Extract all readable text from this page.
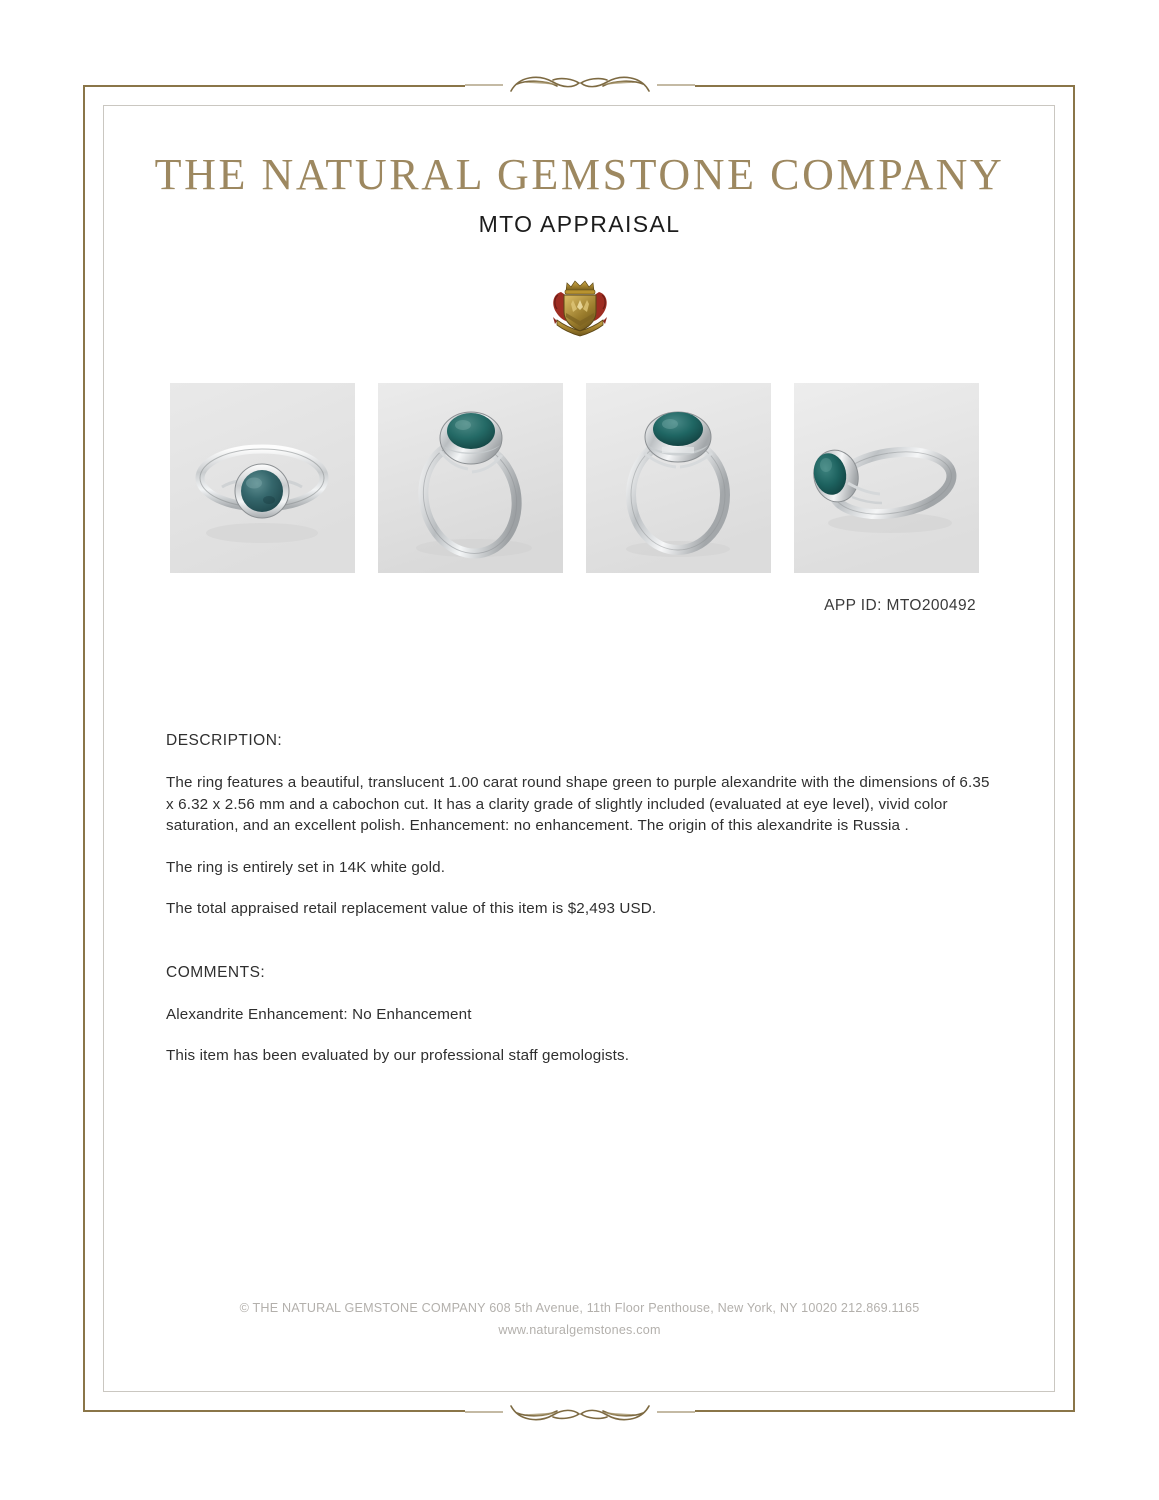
THE NATURAL GEMSTONE COMPANY
MTO APPRAISAL
APP ID: MTO200492
DESCRIPTION:

The ring features a beautiful, translucent 1.00 carat round shape green to purple alexandrite with the dimensions of 6.35 x 6.32 x 2.56 mm and a cabochon cut. It has a clarity grade of slightly included (evaluated at eye level), vivid color saturation, and an excellent polish. Enhancement: no enhancement. The origin of this alexandrite is Russia .

The ring is entirely set in 14K white gold.

The total appraised retail replacement value of this item is $2,493 USD.

COMMENTS:

Alexandrite Enhancement: No Enhancement

This item has been evaluated by our professional staff gemologists.

© THE NATURAL GEMSTONE COMPANY 608 5th Avenue, 11th Floor Penthouse, New York, NY 10020 212.869.1165
www.naturalgemstones.com
